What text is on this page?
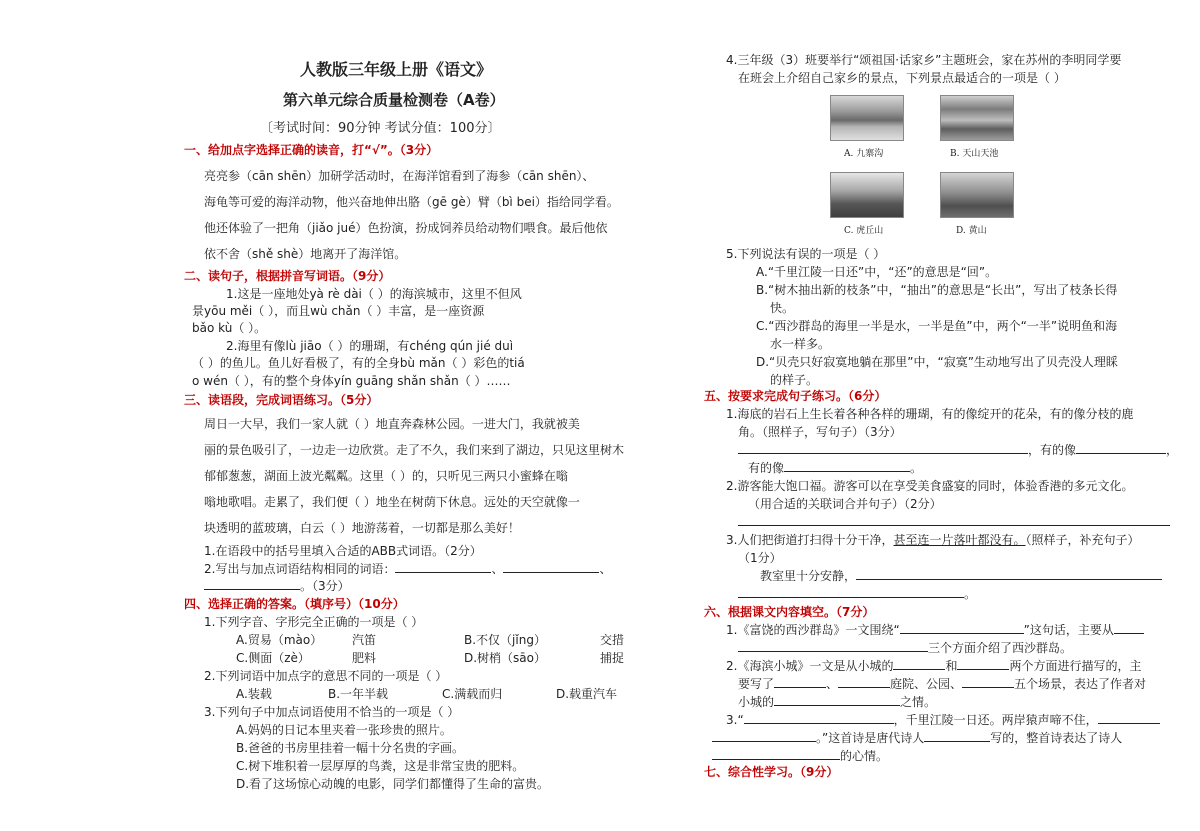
人教版三年级上册《语文》
第六单元综合质量检测卷（A卷）
〔考试时间：90分钟 考试分值：100分〕
一、给加点字选择正确的读音，打“√”。（3分）
亮亮参（cān shēn）加研学活动时，在海洋馆看到了海参（cān shēn）、
海龟等可爱的海洋动物，他兴奋地伸出胳（gē gè）臂（bì bei）指给同学看。
他还体验了一把角（jiǎo jué）色扮演，扮成饲养员给动物们喂食。最后他依
依不舍（shě shè）地离开了海洋馆。
二、读句子，根据拼音写词语。（9分）
1.这是一座地处yà rè dài（ ）的海滨城市，这里不但风
景yōu měi（ ），而且wù chǎn（ ）丰富，是一座资源
bǎo kù（ ）。
2.海里有像lù jiāo（ ）的珊瑚，有chéng qún jié duì
（ ）的鱼儿。鱼儿好看极了，有的全身bù mǎn（ ）彩色的tiá
o wén（ ），有的整个身体yín guāng shǎn shǎn（ ）……
三、读语段，完成词语练习。（5分）
周日一大早，我们一家人就（ ）地直奔森林公园。一进大门，我就被美
丽的景色吸引了，一边走一边欣赏。走了不久，我们来到了湖边，只见这里树木
郁郁葱葱，湖面上波光粼粼。这里（ ）的，只听见三两只小蜜蜂在嗡
嗡地歌唱。走累了，我们便（ ）地坐在树荫下休息。远处的天空就像一
块透明的蓝玻璃，白云（ ）地游荡着，一切都是那么美好！
1.在语段中的括号里填入合适的ABB式词语。（2分）
2.写出与加点词语结构相同的词语：	、	、
。（3分）
四、选择正确的答案。（填序号）（10分）
1.下列字音、字形完全正确的一项是（ ）
A.贸易（mào） 汽笛	B.不仅（jǐng）	交措
C.侧面（zè）	肥料	D.树梢（sāo）	捕捉
2.下列词语中加点字的意思不同的一项是（ ）
A.装载	B.一年半载	C.满载而归	D.载重汽车
3.下列句子中加点词语使用不恰当的一项是（ ）
A.妈妈的日记本里夹着一张珍贵的照片。
B.爸爸的书房里挂着一幅十分名贵的字画。
C.树下堆积着一层厚厚的鸟粪，这是非常宝贵的肥料。
D.看了这场惊心动魄的电影，同学们都懂得了生命的富贵。
4.三年级（3）班要举行“颂祖国·话家乡”主题班会，家在苏州的李明同学要
在班会上介绍自己家乡的景点，下列景点最适合的一项是（ ）
A. 九寨沟	B. 天山天池
C. 虎丘山	D. 黄山
5.下列说法有误的一项是（ ）
A.“千里江陵一日还”中，“还”的意思是“回”。
B.“树木抽出新的枝条”中，“抽出”的意思是“长出”，写出了枝条长得
快。
C.“西沙群岛的海里一半是水，一半是鱼”中，两个“一半”说明鱼和海
水一样多。
D.“贝壳只好寂寞地躺在那里”中，“寂寞”生动地写出了贝壳没人理睬
的样子。
五、按要求完成句子练习。（6分）
1.海底的岩石上生长着各种各样的珊瑚，有的像绽开的花朵，有的像分枝的鹿
角。（照样子，写句子）（3分）
，有的像	，
有的像	。
2.游客能大饱口福。游客可以在享受美食盛宴的同时，体验香港的多元文化。
（用合适的关联词合并句子）（2分）
3.人们把街道打扫得十分干净，甚至连一片落叶都没有。（照样子，补充句子）
（1分）
教室里十分安静，
。
六、根据课文内容填空。（7分）
1.《富饶的西沙群岛》一文围绕“	”这句话，主要从
三个方面介绍了西沙群岛。
2.《海滨小城》一文是从小城的	和	两个方面进行描写的，主
要写了	、	庭院、公园、	五个场景，表达了作者对
小城的	之情。
3.“	，千里江陵一日还。两岸猿声啼不住，
。”这首诗是唐代诗人	写的，整首诗表达了诗人
的心情。
七、综合性学习。（9分）
